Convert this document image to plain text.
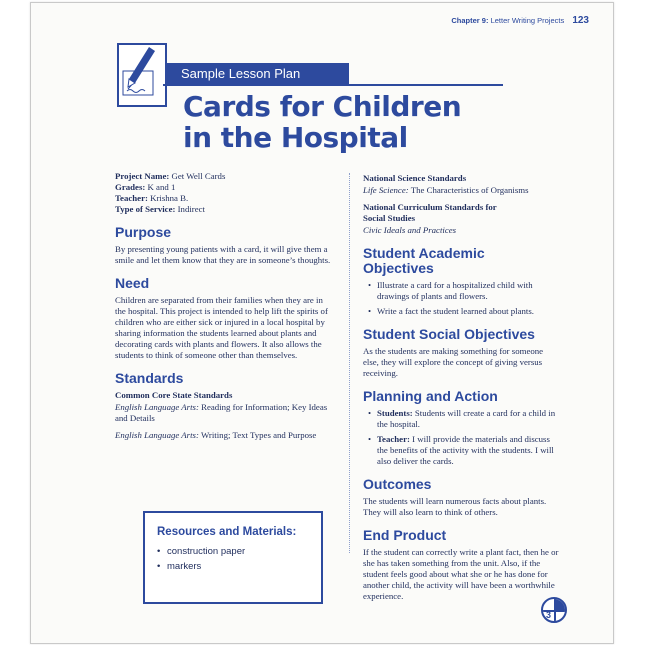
Chapter 9: Letter Writing Projects 123
Sample Lesson Plan
Cards for Children
in the Hospital

Project Name: Get Well Cards
Grades: K and 1
Teacher: Krishna B.
Type of Service: Indirect

Purpose

By presenting young patients with a card, it will give them a smile and let them know that they are in someone’s thoughts.

Need

Children are separated from their families when they are in the hospital. This project is intended to help lift the spirits of children who are either sick or injured in a local hospital by sharing information the students learned about plants and decorating cards with plants and flowers. It also allows the students to think of someone other than themselves.

Standards
Common Core State Standards

English Language Arts: Reading for Information; Key Ideas and Details

English Language Arts: Writing; Text Types and Purpose

Resources and Materials:
• construction paper
• markers
National Science Standards

Life Science: The Characteristics of Organisms

National Curriculum Standards for
Social Studies

Civic Ideals and Practices

Student Academic
Objectives
• Illustrate a card for a hospitalized child with drawings of plants and flowers.
• Write a fact the student learned about plants.
Student Social Objectives

As the students are making something for someone else, they will explore the concept of giving versus receiving.

Planning and Action
• Students: Students will create a card for a child in the hospital.
• Teacher: I will provide the materials and discuss the benefits of the activity with the students. I will also deliver the cards.
Outcomes

The students will learn numerous facts about plants. They will also learn to think of others.

End Product

If the student can correctly write a plant fact, then he or she has taken something from the unit. Also, if the student feels good about what she or he has done for another child, the activity will have been a worthwhile experience.

3
